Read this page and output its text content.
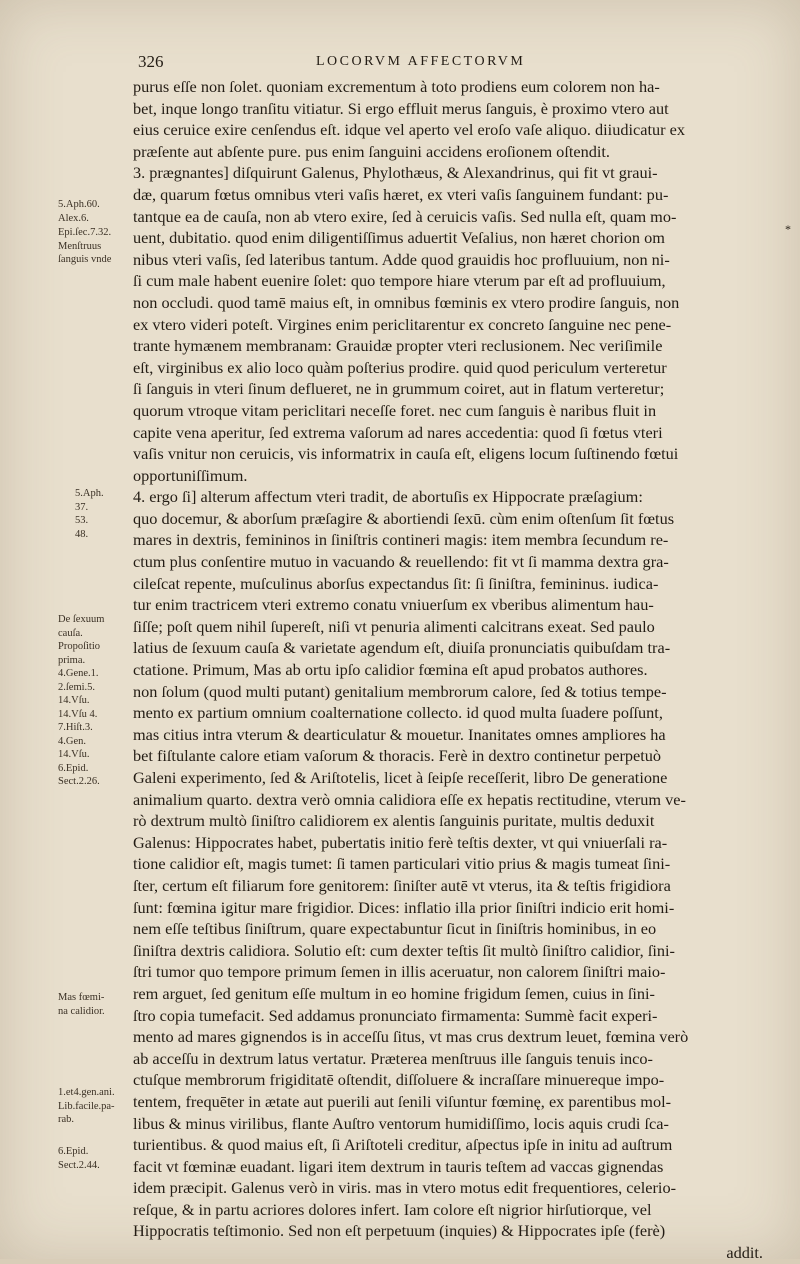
326	LOCORVM AFFECTORVM
purus eſſe non ſolet. quoniam excrementum à toto prodiens eum colorem non ha-
bet, inque longo tranſitu vitiatur. Si ergo effluit merus ſanguis, è proximo vtero aut
eius ceruice exire cenſendus eſt. idque vel aperto vel eroſo vaſe aliquo. diiudicatur ex
præſente aut abſente pure. pus enim ſanguini accidens eroſionem oſtendit.
3. prægnantes] diſquirunt Galenus, Phylothæus, & Alexandrinus, qui fit vt graui-
dæ, quarum fœtus omnibus vteri vaſis hæret, ex vteri vaſis ſanguinem fundant: pu-
tantque ea de cauſa, non ab vtero exire, ſed à ceruicis vaſis. Sed nulla eſt, quam mo-
uent, dubitatio. quod enim diligentiſſimus aduertit Veſalius, non hæret chorion om
nibus vteri vaſis, ſed lateribus tantum. Adde quod grauidis hoc profluuium, non ni-
ſi cum male habent euenire ſolet: quo tempore hiare vterum par eſt ad profluuium,
non occludi. quod tamē maius eſt, in omnibus fœminis ex vtero prodire ſanguis, non
ex vtero videri poteſt. Virgines enim periclitarentur ex concreto ſanguine nec pene-
trante hymænem membranam: Grauidæ propter vteri reclusionem. Nec veriſimile
eſt, virginibus ex alio loco quàm poſterius prodire. quid quod periculum verteretur
ſi ſanguis in vteri ſinum deflueret, ne in grummum coiret, aut in flatum verteretur;
quorum vtroque vitam periclitari neceſſe foret. nec cum ſanguis è naribus fluit in
capite vena aperitur, ſed extrema vaſorum ad nares accedentia: quod ſi fœtus vteri
vaſis vnitur non ceruicis, vis informatrix in cauſa eſt, eligens locum ſuſtinendo fœtui
opportuniſſimum.
4. ergo ſi] alterum affectum vteri tradit, de abortuſis ex Hippocrate præſagium:
quo docemur, & aborſum præſagire & abortiendi ſexū. cùm enim oſtenſum ſit fœtus
mares in dextris, femininos in ſiniſtris contineri magis: item membra ſecundum re-
ctum plus conſentire mutuo in vacuando & reuellendo: fit vt ſi mamma dextra gra-
cileſcat repente, muſculinus aborſus expectandus ſit: ſi ſiniſtra, femininus. iudica-
tur enim tractricem vteri extremo conatu vniuerſum ex vberibus alimentum hau-
ſiſſe; poſt quem nihil ſupereſt, niſi vt penuria alimenti calcitrans exeat. Sed paulo
latius de ſexuum cauſa & varietate agendum eſt, diuiſa pronunciatis quibuſdam tra-
ctatione. Primum, Mas ab ortu ipſo calidior fœmina eſt apud probatos authores.
non ſolum (quod multi putant) genitalium membrorum calore, ſed & totius tempe-
mento ex partium omnium coalternatione collecto. id quod multa ſuadere poſſunt,
mas citius intra vterum & dearticulatur & mouetur. Inanitates omnes ampliores ha
bet fiſtulante calore etiam vaſorum & thoracis. Ferè in dextro continetur perpetuò
Galeni experimento, ſed & Ariſtotelis, licet à ſeipſe receſſerit, libro De generatione
animalium quarto. dextra verò omnia calidiora eſſe ex hepatis rectitudine, vterum ve-
rò dextrum multò ſiniſtro calidiorem ex alentis ſanguinis puritate, multis deduxit
Galenus: Hippocrates habet, pubertatis initio ferè teſtis dexter, vt qui vniuerſali ra-
tione calidior eſt, magis tumet: ſi tamen particulari vitio prius & magis tumeat ſini-
ſter, certum eſt filiarum fore genitorem: ſiniſter autē vt vterus, ita & teſtis frigidiora
ſunt: fœmina igitur mare frigidior. Dices: inflatio illa prior ſiniſtri indicio erit homi-
nem eſſe teſtibus ſiniſtrum, quare expectabuntur ſicut in ſiniſtris hominibus, in eo
ſiniſtra dextris calidiora. Solutio eſt: cum dexter teſtis ſit multò ſiniſtro calidior, ſini-
ſtri tumor quo tempore primum ſemen in illis aceruatur, non calorem ſiniſtri maio-
rem arguet, ſed genitum eſſe multum in eo homine frigidum ſemen, cuius in ſini-
ſtro copia tumefacit. Sed addamus pronunciato firmamenta: Summè facit experi-
mento ad mares gignendos is in acceſſu ſitus, vt mas crus dextrum leuet, fœmina verò
ab acceſſu in dextrum latus vertatur. Præterea menſtruus ille ſanguis tenuis inco-
ctuſque membrorum frigiditatē oſtendit, diſſoluere & incraſſare minuereque impo-
tentem, frequēter in ætate aut puerili aut ſenili viſuntur fœminę, ex parentibus mol-
libus & minus virilibus, flante Auſtro ventorum humidiſſimo, locis aquis crudi ſca-
turientibus. & quod maius eſt, ſi Ariſtoteli creditur, aſpectus ipſe in initu ad auſtrum
facit vt fœminæ euadant. ligari item dextrum in tauris teſtem ad vaccas gignendas
idem præcipit. Galenus verò in viris. mas in vtero motus edit frequentiores, celerio-
reſque, & in partu acriores dolores infert. Iam colore eſt nigrior hirſutiorque, vel
Hippocratis teſtimonio. Sed non eſt perpetuum (inquies) & Hippocrates ipſe (ferè)
addit.
5.Aph.60.
Alex.6.
Epi.ſec.7.32.
Menſtruus
ſanguis vnde
5.Aph.
37.
53.
48.
De ſexuum
cauſa.
Propoſitio
prima.
4.Gene.1.
2.ſemi.5.
14.Vſu.
14.Vſu 4.
7.Hiſt.3.
4.Gen.
14.Vſu.
6.Epid.
Sect.2.26.
Mas fœmi-
na calidior.
1.et4.gen.ani.
Lib.facile.pa-
rab.
6.Epid.
Sect.2.44.
*
